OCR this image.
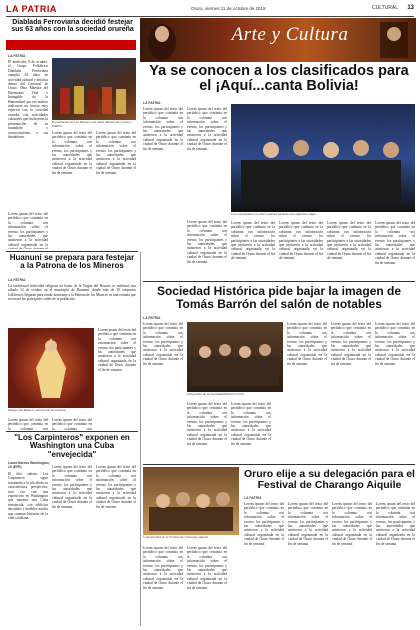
LA PATRIA	Oruro, viernes 11 de octubre de 2019	CULTURAL 13
Arte y Cultura
Diablada Ferroviaria decidió festejar sus 63 años con la sociedad orureña
LA PATRIA
El miércoles 9 de octubre, el Grupo Folklórico Diablada Ferroviaria cumplió 63 años de actividad cultural y artística dentro del Carnaval de Oruro. Obra Maestra del Patrimonio Oral e Intangible de la Humanidad, por ese motivo realizaron un festejo muy especial con la sociedad orureña, con actividades culturales que incluyeron la presentación de su estandarte y reconocimiento a sus fundadores.
Presentación de Los Puntos en la plaza 'Manuel de Castro y Padilla'
Lorem ipsum del texto del periódico que continúa en la columna con información sobre el evento, los participantes y las autoridades que asistieron a la actividad cultural organizada en la ciudad de Oruro durante el fin de semana.
Lorem ipsum del texto del periódico que continúa en la columna con información sobre el evento, los participantes y las autoridades que asistieron a la actividad cultural organizada en la ciudad de Oruro durante el fin de semana.
Lorem ipsum del texto del periódico que continúa en la columna con información sobre el evento, los participantes y las autoridades que asistieron a la actividad cultural organizada en la
Ya se conocen a los clasificados para el ¡Aquí...canta Bolivia!
LA PATRIA
Lorem ipsum del texto del periódico que continúa en la columna con información sobre el evento, los participantes y las autoridades que asistieron a la actividad cultural organizada en la ciudad de Oruro durante el fin de semana.
Lorem ipsum del texto del periódico que continúa en la columna con información sobre el evento, los participantes y las autoridades que asistieron a la actividad cultural organizada en la ciudad de Oruro durante el fin de semana.
Los concursantes ya saben quiénes pasarán a la siguiente etapa
Lorem ipsum del texto del periódico que continúa en la columna con información sobre el evento, los participantes y las autoridades que asistieron a la actividad cultural organizada en la ciudad de Oruro durante el fin de semana.
Lorem ipsum del texto del periódico que continúa en la columna con información sobre el evento, los participantes y las autoridades que asistieron a la actividad cultural organizada en la ciudad de Oruro durante el fin de semana.
Lorem ipsum del texto del periódico que continúa en la columna con información sobre el evento, los participantes y las autoridades que asistieron a la actividad cultural organizada en la ciudad de Oruro durante el fin de semana.
Lorem ipsum del texto del periódico que continúa en la columna con información sobre el evento, los participantes y las autoridades que asistieron a la actividad cultural organizada en la ciudad de Oruro durante el fin de semana.
Lorem ipsum del texto del periódico que continúa en la columna con información sobre el evento, los participantes y las autoridades que asistieron a la actividad cultural organizada en la ciudad de Oruro durante el fin de semana.
Huanuni se prepara para festejar a la Patrona de los Mineros
LA PATRIA
La tradicional festividad religiosa en honor de la Virgen del Rosario se realizará este sábado 12 de octubre en el municipio de Huanuni, donde más de 30 conjuntos folklóricos llegarán para rendir homenaje a la Patrona de los Mineros en una entrada que recorrerá las principales calles de la población.
Imagen del Rosario, patrona de los mineros
Lorem ipsum del texto del periódico que continúa en la columna con información sobre el evento, los participantes y las autoridades que asistieron a la actividad cultural organizada en la ciudad de Oruro durante el fin de semana.
Lorem ipsum del texto del periódico que continúa en la columna con
Lorem ipsum del texto del periódico que continúa en la columna con
"Los Carpinteros" exponen en Washington una Cuba "envejecida"
Laura Barros Washington, 10 (EFE)
El dúo cubano Los Carpinteros sigue retratando a la isla desde su característica perspectiva, esta vez con una exposición en Washington que muestra una Cuba envejecida, con edificios derruidos y muebles usados que cuentan historias de la vida cotidiana.
Lorem ipsum del texto del periódico que continúa en la columna con información sobre el evento, los participantes y las autoridades que asistieron a la actividad cultural organizada en la ciudad de Oruro durante el fin de semana.
Lorem ipsum del texto del periódico que continúa en la columna con información sobre el evento, los participantes y las autoridades que asistieron a la actividad cultural organizada en la ciudad de Oruro durante el fin de semana.
Sociedad Histórica pide bajar la imagen de Tomás Barrón del salón de notables
LA PATRIA
Lorem ipsum del texto del periódico que continúa en la columna con información sobre el evento, los participantes y las autoridades que asistieron a la actividad cultural organizada en la ciudad de Oruro durante el fin de semana.
Integrantes de la Sociedad Histórica Oruro
Lorem ipsum del texto del periódico que continúa en la columna con información sobre el evento, los participantes y las autoridades que asistieron a la actividad cultural organizada en la ciudad de Oruro durante el fin de semana.
Lorem ipsum del texto del periódico que continúa en la columna con información sobre el evento, los participantes y las autoridades que asistieron a la actividad cultural organizada en la ciudad de Oruro durante el fin de semana.
Lorem ipsum del texto del periódico que continúa en la columna con información sobre el evento, los participantes y las autoridades que asistieron a la actividad cultural organizada en la ciudad de Oruro durante el fin de semana.
Lorem ipsum del texto del periódico que continúa en la columna con información sobre el evento, los participantes y las autoridades que asistieron a la actividad cultural organizada en la ciudad de Oruro durante el fin de semana.
Lorem ipsum del texto del periódico que continúa en la columna con información sobre el evento, los participantes y las autoridades que asistieron a la actividad cultural organizada en la ciudad de Oruro durante el fin de semana.
Concursantes en el Festival de Charango Aiquile
Oruro elije a su delegación para el Festival de Charango Aiquile
LA PATRIA
Lorem ipsum del texto del periódico que continúa en la columna con información sobre el evento, los participantes y las autoridades que asistieron a la actividad cultural organizada en la ciudad de Oruro durante el fin de semana.
Lorem ipsum del texto del periódico que continúa en la columna con información sobre el evento, los participantes y las autoridades que asistieron a la actividad cultural organizada en la ciudad de Oruro durante el fin de semana.
Lorem ipsum del texto del periódico que continúa en la columna con información sobre el evento, los participantes y las autoridades que asistieron a la actividad cultural organizada en la ciudad de Oruro durante el fin de semana.
Lorem ipsum del texto del periódico que continúa en la columna con información sobre el evento, los participantes y las autoridades que asistieron a la actividad cultural organizada en la ciudad de Oruro durante el fin de semana.
Lorem ipsum del texto del periódico que continúa en la columna con información sobre el evento, los participantes y las autoridades que asistieron a la actividad cultural organizada en la ciudad de Oruro durante el fin de semana.
Lorem ipsum del texto del periódico que continúa en la columna con información sobre el evento, los participantes y las autoridades que asistieron a la actividad cultural organizada en la ciudad de Oruro durante el fin de semana.
